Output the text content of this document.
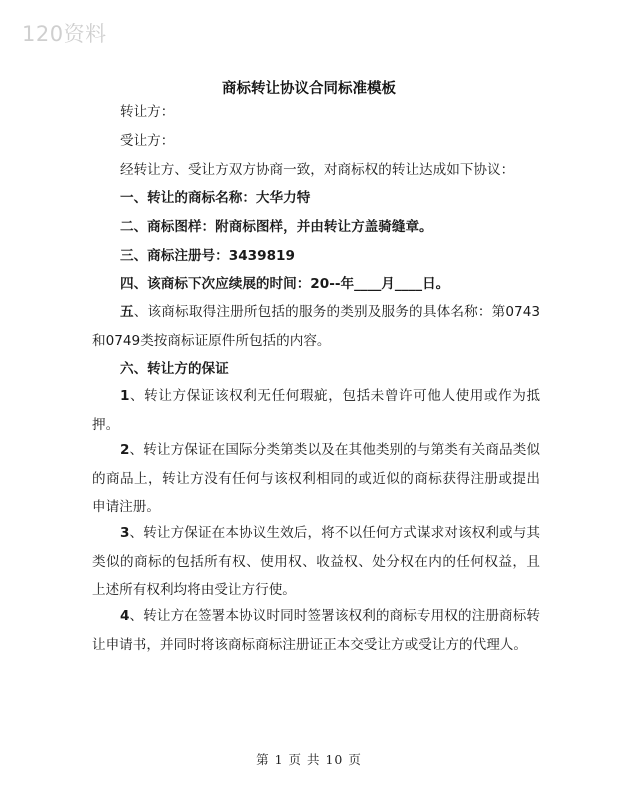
120资料
商标转让协议合同标准模板
转让方：
受让方：
经转让方、受让方双方协商一致，对商标权的转让达成如下协议：
一、转让的商标名称：大华力特
二、商标图样：附商标图样，并由转让方盖骑缝章。
三、商标注册号：3439819
四、该商标下次应续展的时间：20--年____月____日。
五、该商标取得注册所包括的服务的类别及服务的具体名称：第0743和0749类按商标证原件所包括的内容。
六、转让方的保证
1、转让方保证该权利无任何瑕疵，包括未曾许可他人使用或作为抵押。
2、转让方保证在国际分类第类以及在其他类别的与第类有关商品类似的商品上，转让方没有任何与该权利相同的或近似的商标获得注册或提出申请注册。
3、转让方保证在本协议生效后，将不以任何方式谋求对该权利或与其类似的商标的包括所有权、使用权、收益权、处分权在内的任何权益，且上述所有权利均将由受让方行使。
4、转让方在签署本协议时同时签署该权利的商标专用权的注册商标转让申请书，并同时将该商标商标注册证正本交受让方或受让方的代理人。
第 1 页 共 10 页
